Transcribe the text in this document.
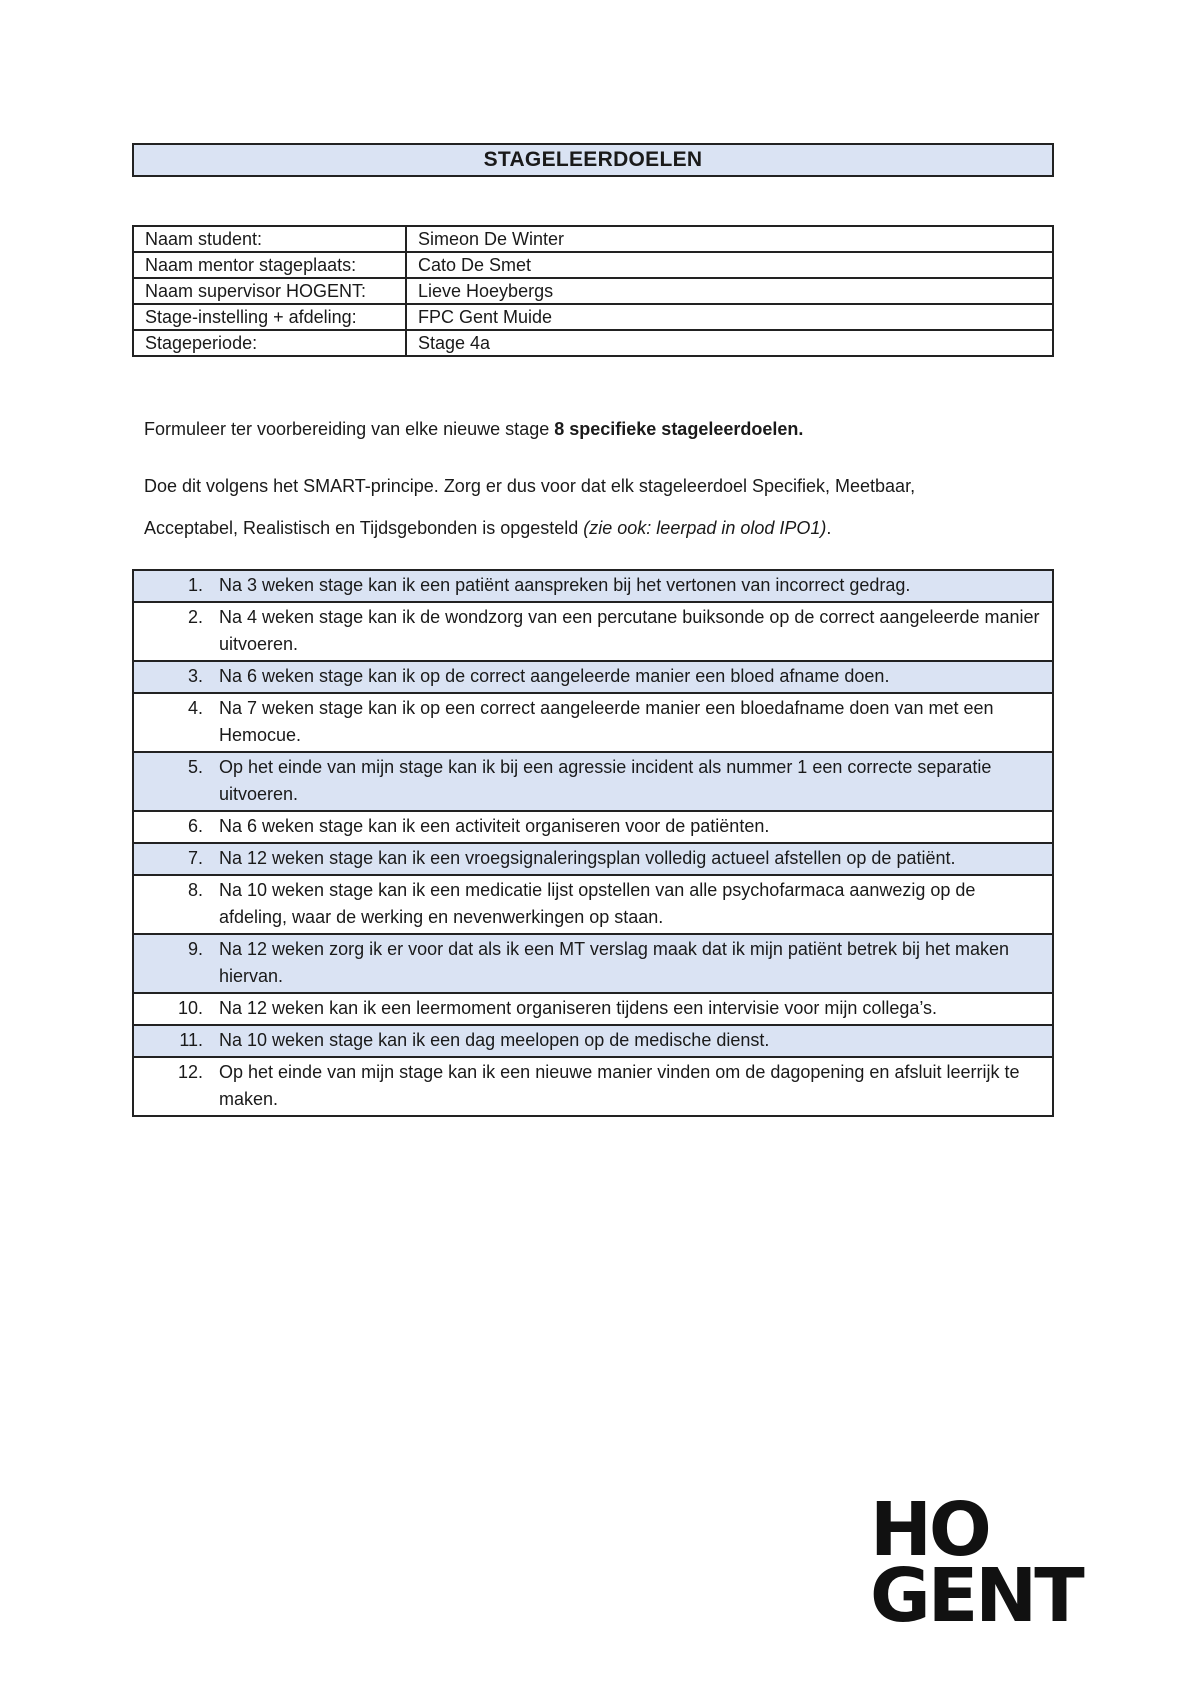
STAGELEERDOELEN
Naam student:	Simeon De Winter
Naam mentor stageplaats:	Cato De Smet
Naam supervisor HOGENT:	Lieve Hoeybergs
Stage-instelling + afdeling:	FPC Gent Muide
Stageperiode:	Stage 4a
Formuleer ter voorbereiding van elke nieuwe stage 8 specifieke stageleerdoelen.
Doe dit volgens het SMART-principe. Zorg er dus voor dat elk stageleerdoel Specifiek, Meetbaar,
Acceptabel, Realistisch en Tijdsgebonden is opgesteld (zie ook: leerpad in olod IPO1).
1. Na 3 weken stage kan ik een patiënt aanspreken bij het vertonen van incorrect gedrag.

2. Na 4 weken stage kan ik de wondzorg van een percutane buiksonde op de correct aangeleerde manier uitvoeren.

3. Na 6 weken stage kan ik op de correct aangeleerde manier een bloed afname doen.

4. Na 7 weken stage kan ik op een correct aangeleerde manier een bloedafname doen van met een Hemocue.

5. Op het einde van mijn stage kan ik bij een agressie incident als nummer 1 een correcte separatie uitvoeren.

6. Na 6 weken stage kan ik een activiteit organiseren voor de patiënten.

7. Na 12 weken stage kan ik een vroegsignaleringsplan volledig actueel afstellen op de patiënt.

8. Na 10 weken stage kan ik een medicatie lijst opstellen van alle psychofarmaca aanwezig op de afdeling, waar de werking en nevenwerkingen op staan.

9. Na 12 weken zorg ik er voor dat als ik een MT verslag maak dat ik mijn patiënt betrek bij het maken hiervan.

10. Na 12 weken kan ik een leermoment organiseren tijdens een intervisie voor mijn collega’s.

11. Na 10 weken stage kan ik een dag meelopen op de medische dienst.

12. Op het einde van mijn stage kan ik een nieuwe manier vinden om de dagopening en afsluit leerrijk te maken.
HO
GENT
